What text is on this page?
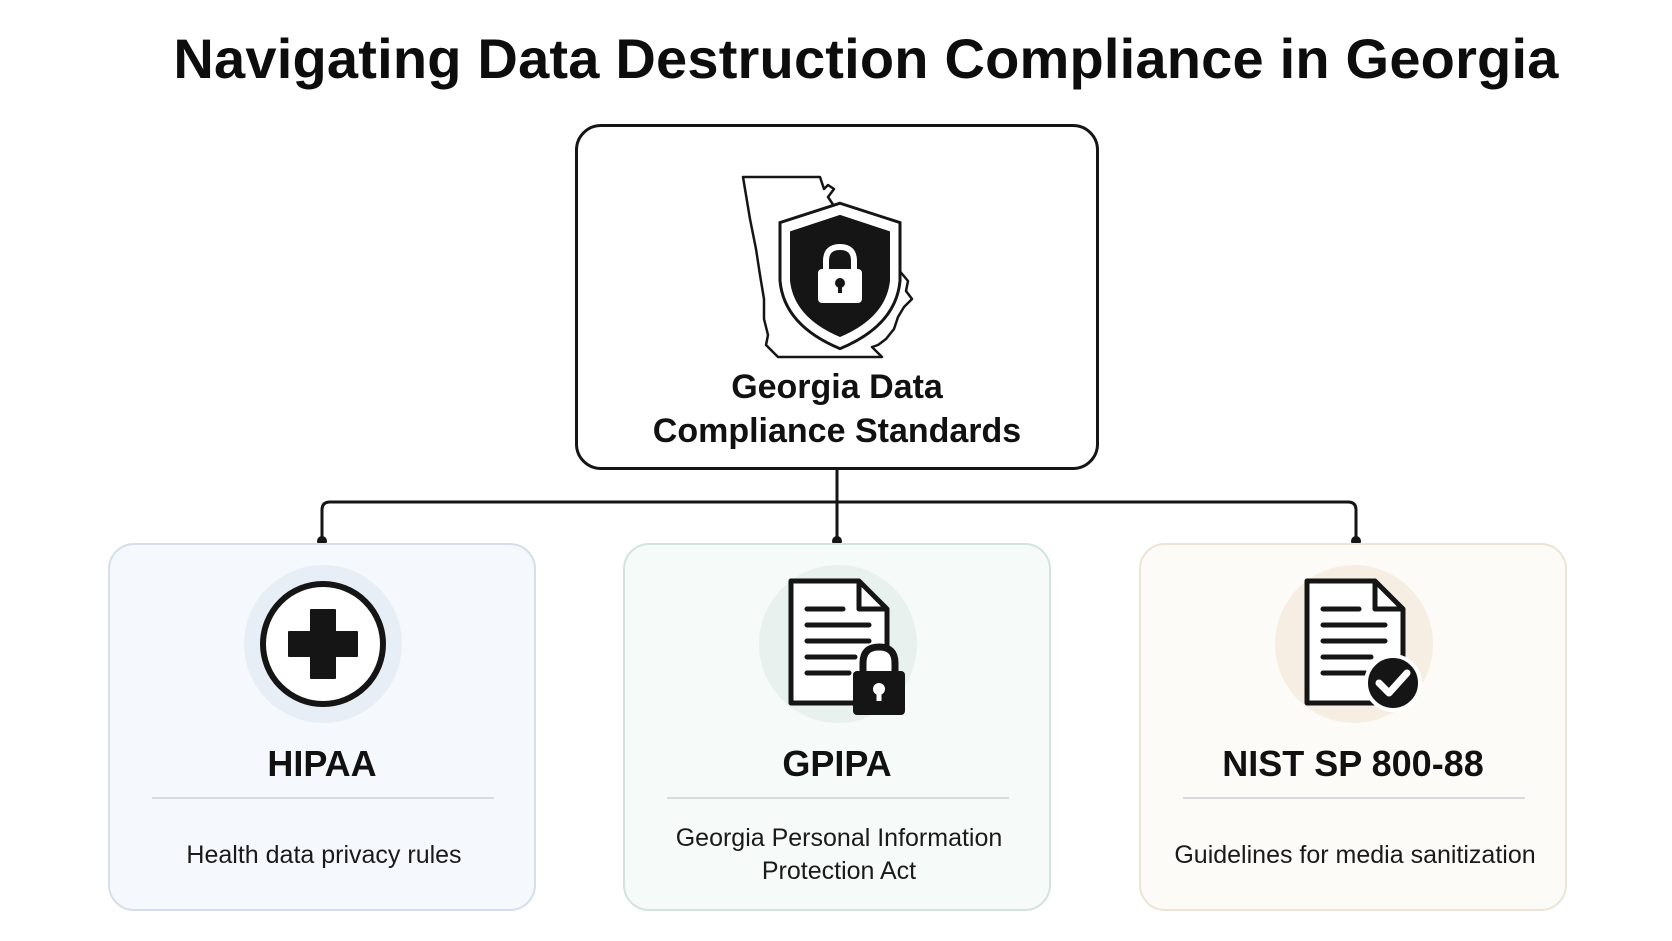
Navigating Data Destruction Compliance in Georgia
Georgia Data
Compliance Standards
HIPAA
Health data privacy rules
GPIPA
Georgia Personal Information Protection Act
NIST SP 800-88
Guidelines for media sanitization
